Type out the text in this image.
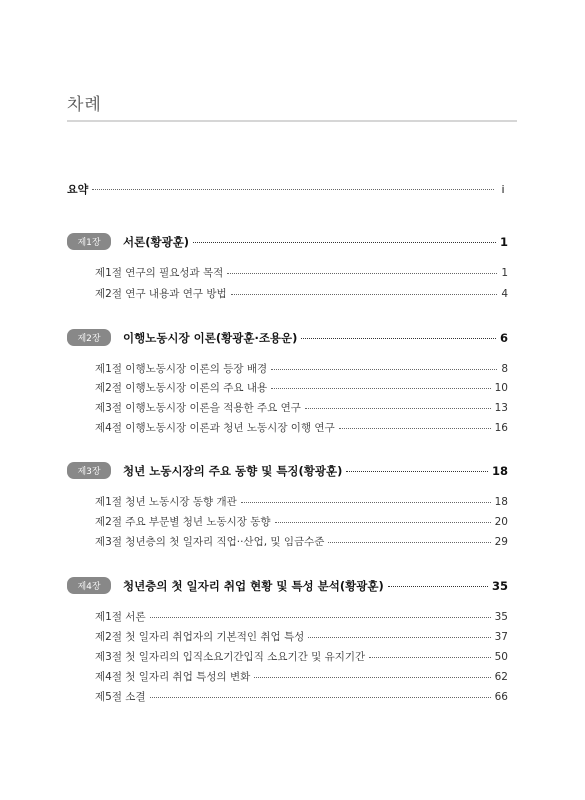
차례
요약	i
제1장	서론(황광훈)	1
제1절 연구의 필요성과 목적	1
제2절 연구 내용과 연구 방법	4
제2장	이행노동시장 이론(황광훈·조용운)	6
제1절 이행노동시장 이론의 등장 배경	8
제2절 이행노동시장 이론의 주요 내용	10
제3절 이행노동시장 이론을 적용한 주요 연구	13
제4절 이행노동시장 이론과 청년 노동시장 이행 연구	16
제3장	청년 노동시장의 주요 동향 및 특징(황광훈)	18
제1절 청년 노동시장 동향 개관	18
제2절 주요 부문별 청년 노동시장 동향	20
제3절 청년층의 첫 일자리 직업··산업, 및 임금수준	29
제4장	청년층의 첫 일자리 취업 현황 및 특성 분석(황광훈)	35
제1절 서론	35
제2절 첫 일자리 취업자의 기본적인 취업 특성	37
제3절 첫 일자리의 입직소요기간입직 소요기간 및 유지기간	50
제4절 첫 일자리 취업 특성의 변화	62
제5절 소결	66
